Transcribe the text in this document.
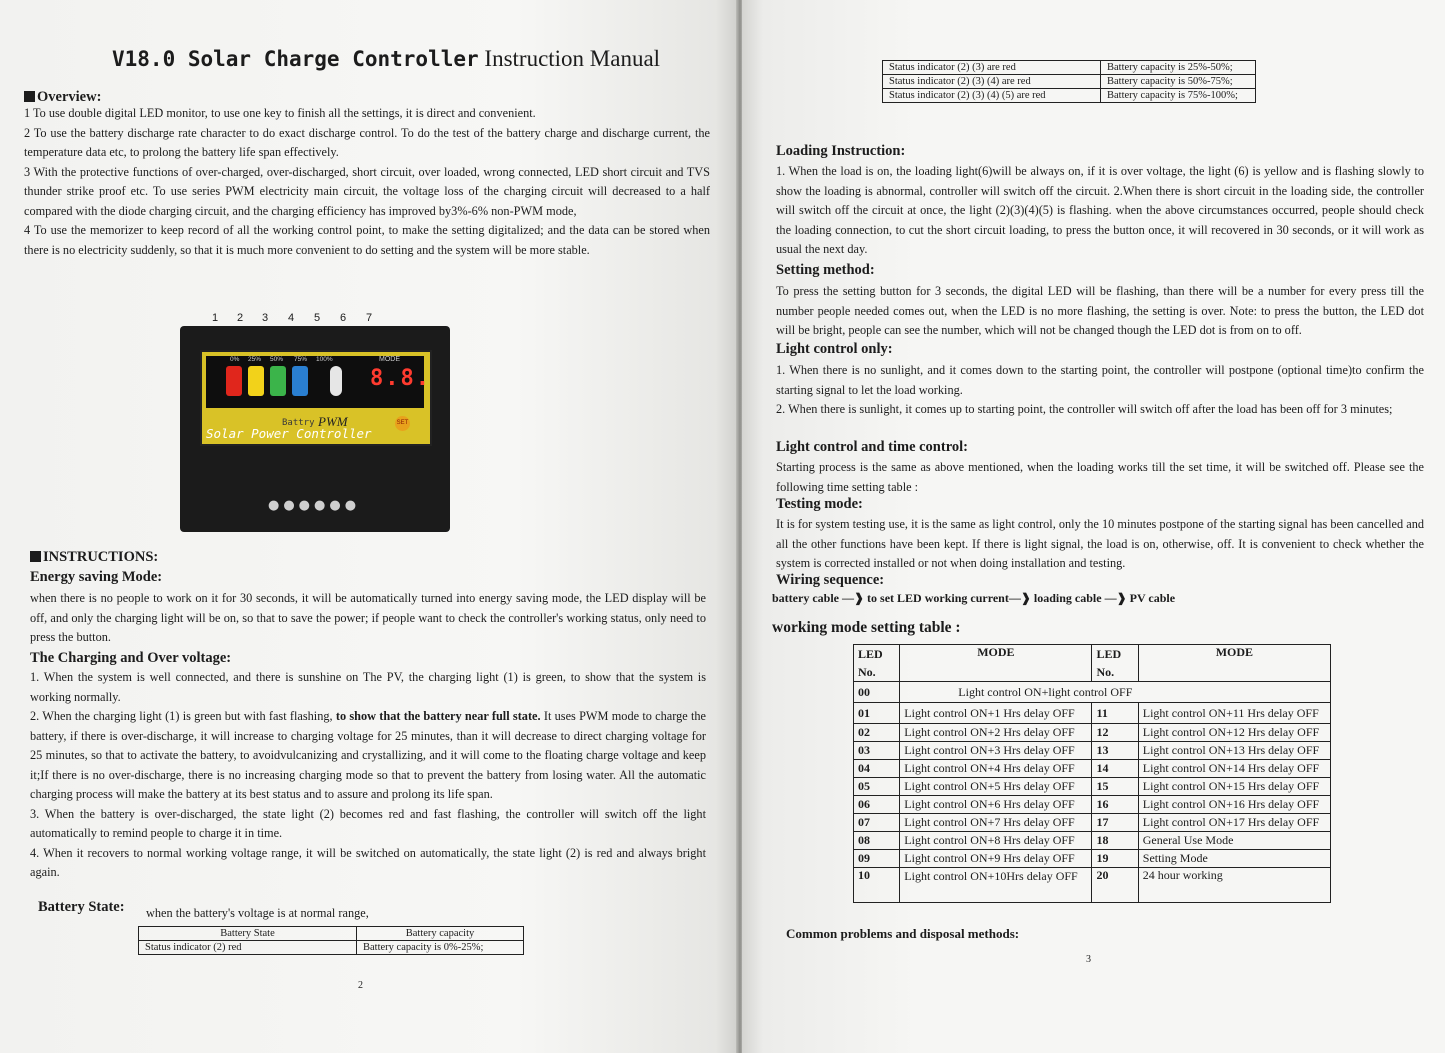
V18.0 Solar Charge Controller Instruction Manual
Overview:
1 To use double digital LED monitor, to use one key to finish all the settings, it is direct and convenient.
2 To use the battery discharge rate character to do exact discharge control. To do the test of the battery charge and discharge current, the temperature data etc, to prolong the battery life span effectively.
3 With the protective functions of over-charged, over-discharged, short circuit, over loaded, wrong connected, LED short circuit and TVS thunder strike proof etc. To use series PWM electricity main circuit, the voltage loss of the charging circuit will decreased to a half compared with the diode charging circuit, and the charging efficiency has improved by3%-6% non-PWM mode,
4 To use the memorizer to keep record of all the working control point, to make the setting digitalized; and the data can be stored when there is no electricity suddenly, so that it is much more convenient to do setting and the system will be more stable.
1 2 3 4 5 6 7
0% 25% 50% 75% 100%	MODE
8.8.
Battry PWM	SET
Solar Power Controller
●●●●●●
INSTRUCTIONS:
Energy saving Mode:
when there is no people to work on it for 30 seconds, it will be automatically turned into energy saving mode, the LED display will be off, and only the charging light will be on, so that to save the power; if people want to check the controller's working status, only need to press the button.
The Charging and Over voltage:
1. When the system is well connected, and there is sunshine on The PV, the charging light (1) is green, to show that the system is working normally.
2. When the charging light (1) is green but with fast flashing, to show that the battery near full state. It uses PWM mode to charge the battery, if there is over-discharge, it will increase to charging voltage for 25 minutes, than it will decrease to direct charging voltage for 25 minutes, so that to activate the battery, to avoidvulcanizing and crystallizing, and it will come to the floating charge voltage and keep it;If there is no over-discharge, there is no increasing charging mode so that to prevent the battery from losing water. All the automatic charging process will make the battery at its best status and to assure and prolong its life span.
3. When the battery is over-discharged, the state light (2) becomes red and fast flashing, the controller will switch off the light automatically to remind people to charge it in time.
4. When it recovers to normal working voltage range, it will be switched on automatically, the state light (2) is red and always bright again.
Battery State: when the battery's voltage is at normal range,
Battery State	Battery capacity
Status indicator (2) red	Battery capacity is 0%-25%;
2
Status indicator (2) (3) are red	Battery capacity is 25%-50%;
Status indicator (2) (3) (4) are red	Battery capacity is 50%-75%;
Status indicator (2) (3) (4) (5) are red	Battery capacity is 75%-100%;
Loading Instruction:
1. When the load is on, the loading light(6)will be always on, if it is over voltage, the light (6) is yellow and is flashing slowly to show the loading is abnormal, controller will switch off the circuit. 2.When there is short circuit in the loading side, the controller will switch off the circuit at once, the light (2)(3)(4)(5) is flashing. when the above circumstances occurred, people should check the loading connection, to cut the short circuit loading, to press the button once, it will recovered in 30 seconds, or it will work as usual the next day.
Setting method:
To press the setting button for 3 seconds, the digital LED will be flashing, than there will be a number for every press till the number people needed comes out, when the LED is no more flashing, the setting is over. Note: to press the button, the LED dot will be bright, people can see the number, which will not be changed though the LED dot is from on to off.
Light control only:
1. When there is no sunlight, and it comes down to the starting point, the controller will postpone (optional time)to confirm the starting signal to let the load working.
2. When there is sunlight, it comes up to starting point, the controller will switch off after the load has been off for 3 minutes;
Light control and time control:
Starting process is the same as above mentioned, when the loading works till the set time, it will be switched off. Please see the following time setting table :
Testing mode:
It is for system testing use, it is the same as light control, only the 10 minutes postpone of the starting signal has been cancelled and all the other functions have been kept. If there is light signal, the load is on, otherwise, off. It is convenient to check whether the system is corrected installed or not when doing installation and testing.
Wiring sequence:
battery cable —❱ to set LED working current—❱ loading cable —❱ PV cable
working mode setting table :
LED No.	MODE	LED No.	MODE
00	Light control ON+light control OFF		
01	Light control ON+1 Hrs delay OFF	11	Light control ON+11 Hrs delay OFF
02	Light control ON+2 Hrs delay OFF	12	Light control ON+12 Hrs delay OFF
03	Light control ON+3 Hrs delay OFF	13	Light control ON+13 Hrs delay OFF
04	Light control ON+4 Hrs delay OFF	14	Light control ON+14 Hrs delay OFF
05	Light control ON+5 Hrs delay OFF	15	Light control ON+15 Hrs delay OFF
06	Light control ON+6 Hrs delay OFF	16	Light control ON+16 Hrs delay OFF
07	Light control ON+7 Hrs delay OFF	17	Light control ON+17 Hrs delay OFF
08	Light control ON+8 Hrs delay OFF	18	General Use Mode
09	Light control ON+9 Hrs delay OFF	19	Setting Mode
10	Light control ON+10Hrs delay OFF	20	24 hour working
Common problems and disposal methods:
3
